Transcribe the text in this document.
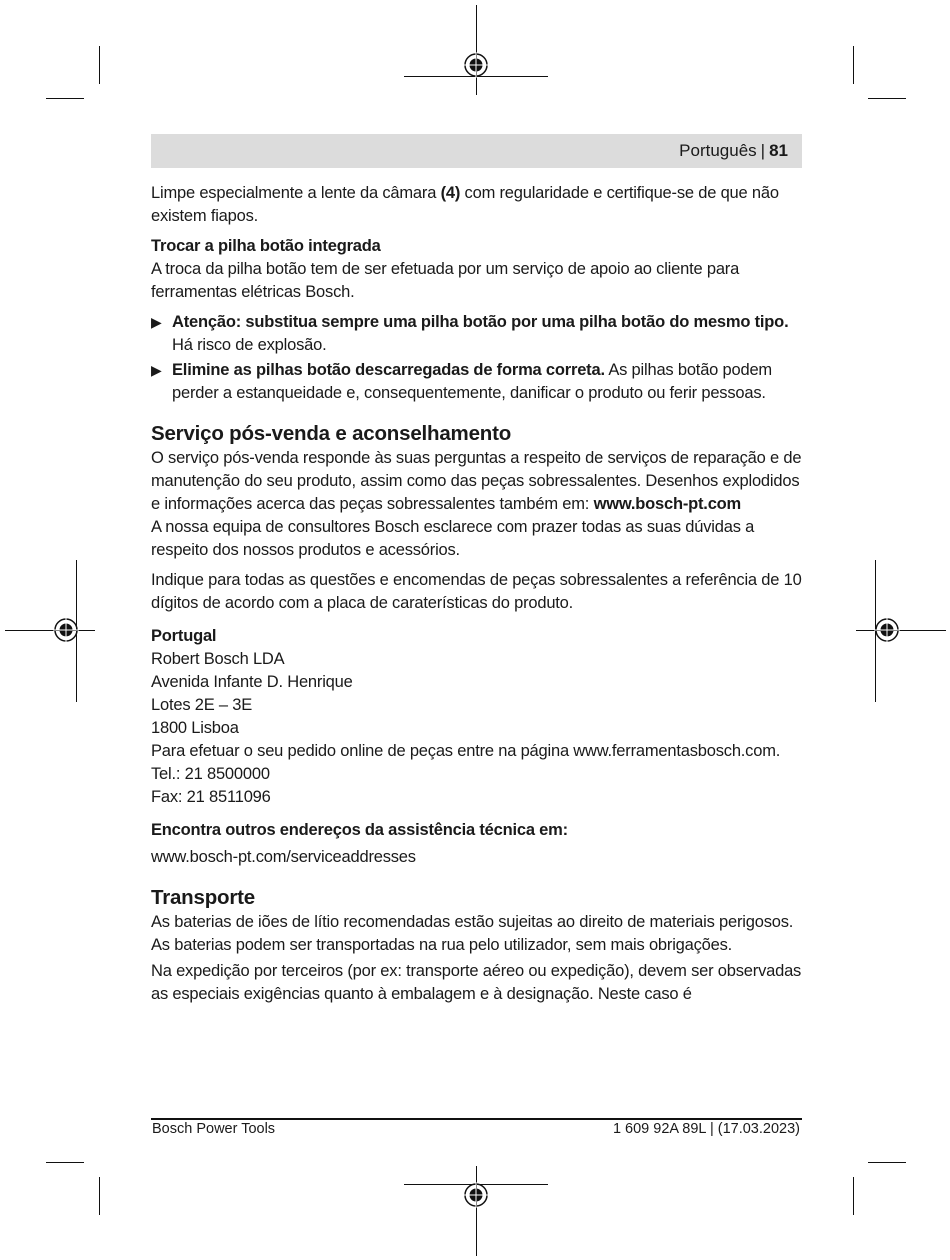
Português | 81

Limpe especialmente a lente da câmara (4) com regularidade e certifique-se de que não existem fiapos.

Trocar a pilha botão integrada

A troca da pilha botão tem de ser efetuada por um serviço de apoio ao cliente para ferramentas elétricas Bosch.

▶ Atenção: substitua sempre uma pilha botão por uma pilha botão do mesmo tipo.
Há risco de explosão.
▶ Elimine as pilhas botão descarregadas de forma correta. As pilhas botão podem perder a estanqueidade e, consequentemente, danificar o produto ou ferir pessoas.

Serviço pós-venda e aconselhamento

O serviço pós-venda responde às suas perguntas a respeito de serviços de reparação e de manutenção do seu produto, assim como das peças sobressalentes. Desenhos explodidos e informações acerca das peças sobressalentes também em: www.bosch-pt.com

A nossa equipa de consultores Bosch esclarece com prazer todas as suas dúvidas a respeito dos nossos produtos e acessórios.

Indique para todas as questões e encomendas de peças sobressalentes a referência de 10 dígitos de acordo com a placa de caraterísticas do produto.

Portugal

Robert Bosch LDA
Avenida Infante D. Henrique
Lotes 2E – 3E
1800 Lisboa
Para efetuar o seu pedido online de peças entre na página www.ferramentasbosch.com.
Tel.: 21 8500000
Fax: 21 8511096

Encontra outros endereços da assistência técnica em:

www.bosch-pt.com/serviceaddresses

Transporte

As baterias de iões de lítio recomendadas estão sujeitas ao direito de materiais perigosos. As baterias podem ser transportadas na rua pelo utilizador, sem mais obrigações.

Na expedição por terceiros (por ex: transporte aéreo ou expedição), devem ser observadas as especiais exigências quanto à embalagem e à designação. Neste caso é

Bosch Power Tools	1 609 92A 89L | (17.03.2023)
